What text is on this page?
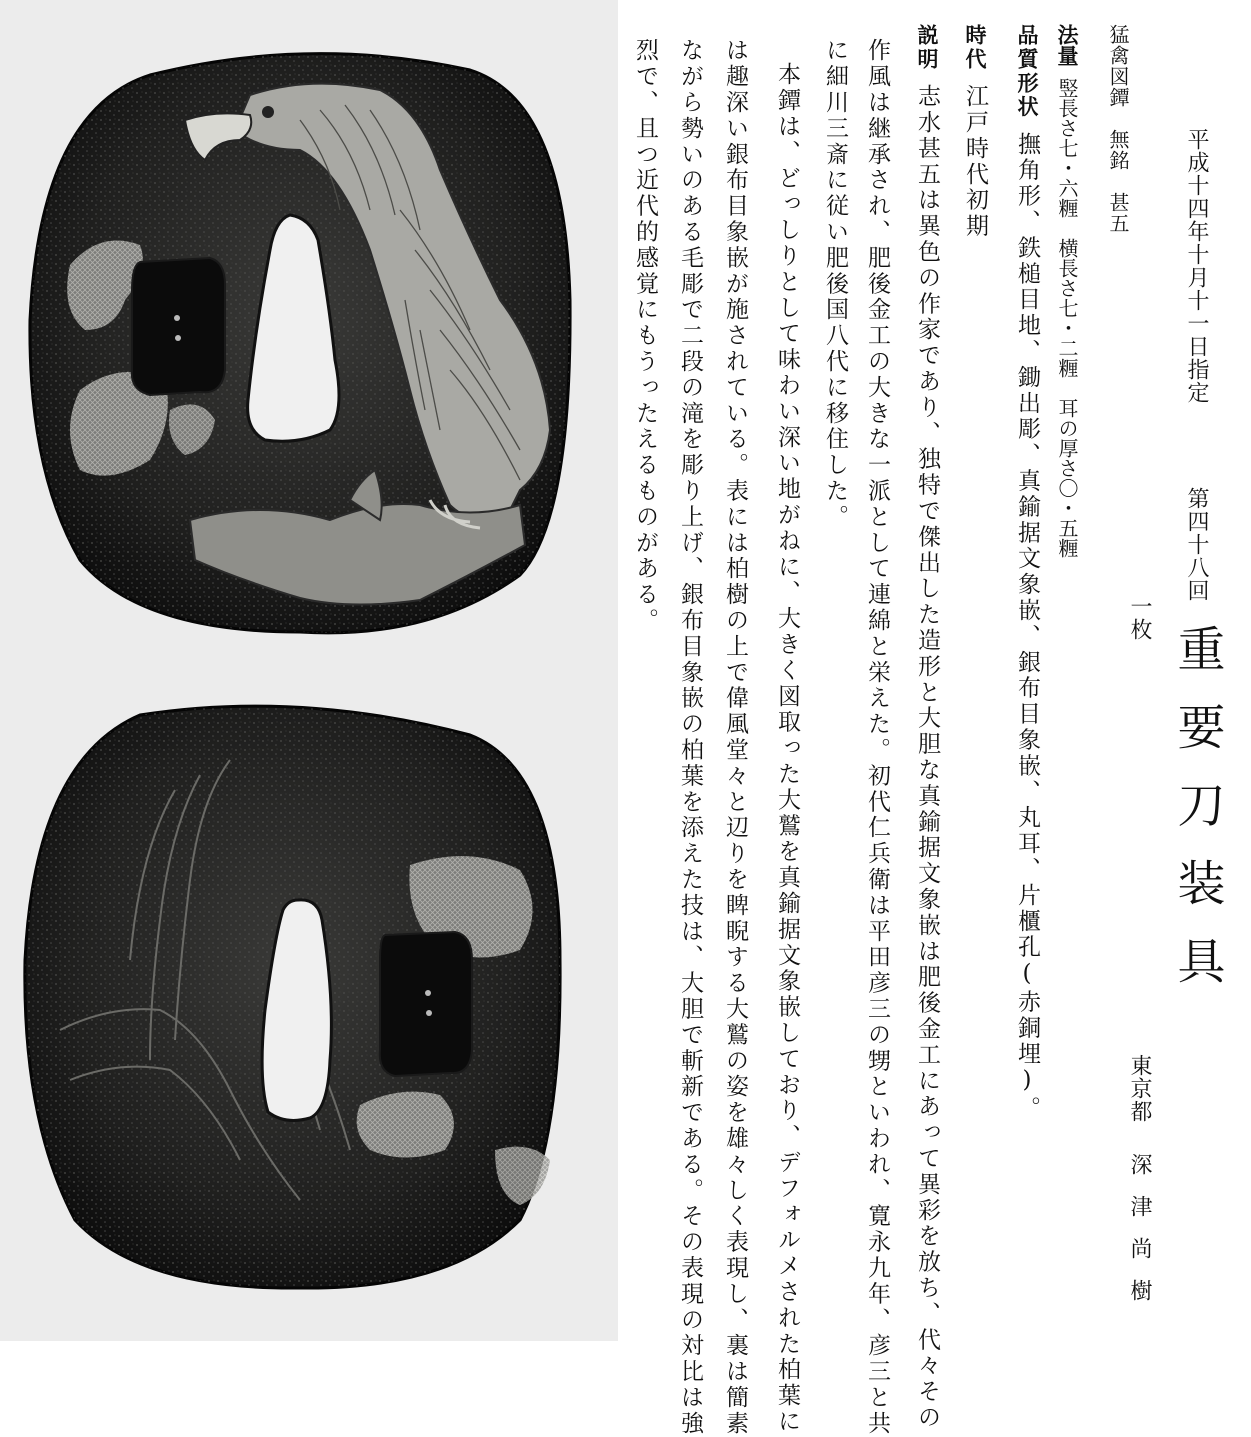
平成十四年十月十一日指定
第四十八回
重要刀装具
一枚
東京都
深津尚樹
猛禽図鐔　無銘　甚五
法量竪長さ七・六糎　横長さ七・二糎　耳の厚さ〇・五糎
品質形状撫角形、鉄槌目地、鋤出彫、真鍮据文象嵌、銀布目象嵌、丸耳、片櫃孔(赤銅埋)。
時代江戸時代初期
説明志水甚五は異色の作家であり、独特で傑出した造形と大胆な真鍮据文象嵌は肥後金工にあって異彩を放ち、代々その
作風は継承され、肥後金工の大きな一派として連綿と栄えた。初代仁兵衛は平田彦三の甥といわれ、寛永九年、彦三と共
に細川三斎に従い肥後国八代に移住した。
本鐔は、どっしりとして味わい深い地がねに、大きく図取った大鷲を真鍮据文象嵌しており、デフォルメされた柏葉に
は趣深い銀布目象嵌が施されている。表には柏樹の上で偉風堂々と辺りを睥睨する大鷲の姿を雄々しく表現し、裏は簡素
ながら勢いのある毛彫で二段の滝を彫り上げ、銀布目象嵌の柏葉を添えた技は、大胆で斬新である。その表現の対比は強
烈で、且つ近代的感覚にもうったえるものがある。
